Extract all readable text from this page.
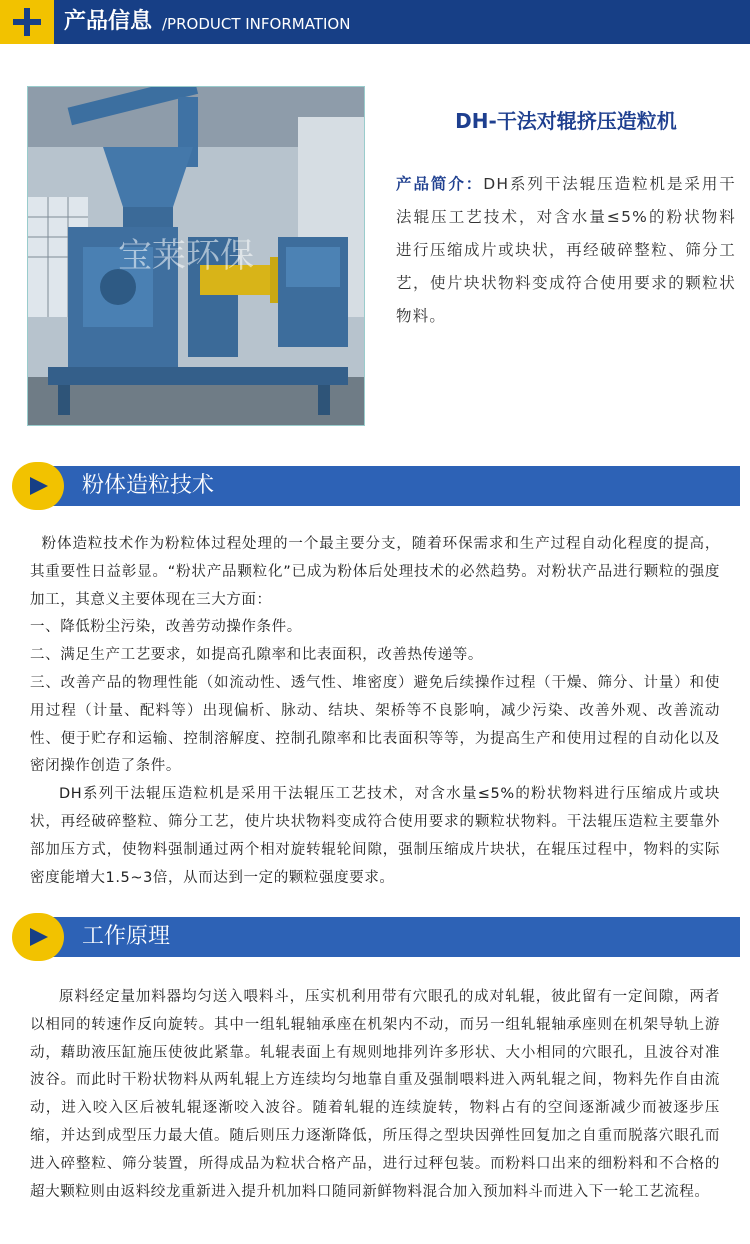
产品信息 /PRODUCT INFORMATION
宝莱环保
DH-干法对辊挤压造粒机
产品简介：DH系列干法辊压造粒机是采用干法辊压工艺技术，对含水量≤5%的粉状物料进行压缩成片或块状，再经破碎整粒、筛分工艺，使片块状物料变成符合使用要求的颗粒状物料。
粉体造粒技术

粉体造粒技术作为粉粒体过程处理的一个最主要分支，随着环保需求和生产过程自动化程度的提高，其重要性日益彰显。“粉状产品颗粒化”已成为粉体后处理技术的必然趋势。对粉状产品进行颗粒的强度加工，其意义主要体现在三大方面：

一、降低粉尘污染，改善劳动操作条件。

二、满足生产工艺要求，如提高孔隙率和比表面积，改善热传递等。

三、改善产品的物理性能（如流动性、透气性、堆密度）避免后续操作过程（干燥、筛分、计量）和使用过程（计量、配料等）出现偏析、脉动、结块、架桥等不良影响，减少污染、改善外观、改善流动性、便于贮存和运输、控制溶解度、控制孔隙率和比表面积等等，为提高生产和使用过程的自动化以及密闭操作创造了条件。

DH系列干法辊压造粒机是采用干法辊压工艺技术，对含水量≤5%的粉状物料进行压缩成片或块状，再经破碎整粒、筛分工艺，使片块状物料变成符合使用要求的颗粒状物料。干法辊压造粒主要靠外部加压方式，使物料强制通过两个相对旋转辊轮间隙，强制压缩成片块状，在辊压过程中，物料的实际密度能增大1.5~3倍，从而达到一定的颗粒强度要求。

工作原理

原料经定量加料器均匀送入喂料斗，压实机利用带有穴眼孔的成对轧辊，彼此留有一定间隙，两者以相同的转速作反向旋转。其中一组轧辊轴承座在机架内不动，而另一组轧辊轴承座则在机架导轨上游动，藉助液压缸施压使彼此紧靠。轧辊表面上有规则地排列许多形状、大小相同的穴眼孔，且波谷对准波谷。而此时干粉状物料从两轧辊上方连续均匀地靠自重及强制喂料进入两轧辊之间，物料先作自由流动，进入咬入区后被轧辊逐渐咬入波谷。随着轧辊的连续旋转，物料占有的空间逐渐减少而被逐步压缩，并达到成型压力最大值。随后则压力逐渐降低，所压得之型块因弹性回复加之自重而脱落穴眼孔而进入碎整粒、筛分装置，所得成品为粒状合格产品，进行过秤包装。而粉料口出来的细粉料和不合格的超大颗粒则由返料绞龙重新进入提升机加料口随同新鲜物料混合加入预加料斗而进入下一轮工艺流程。
